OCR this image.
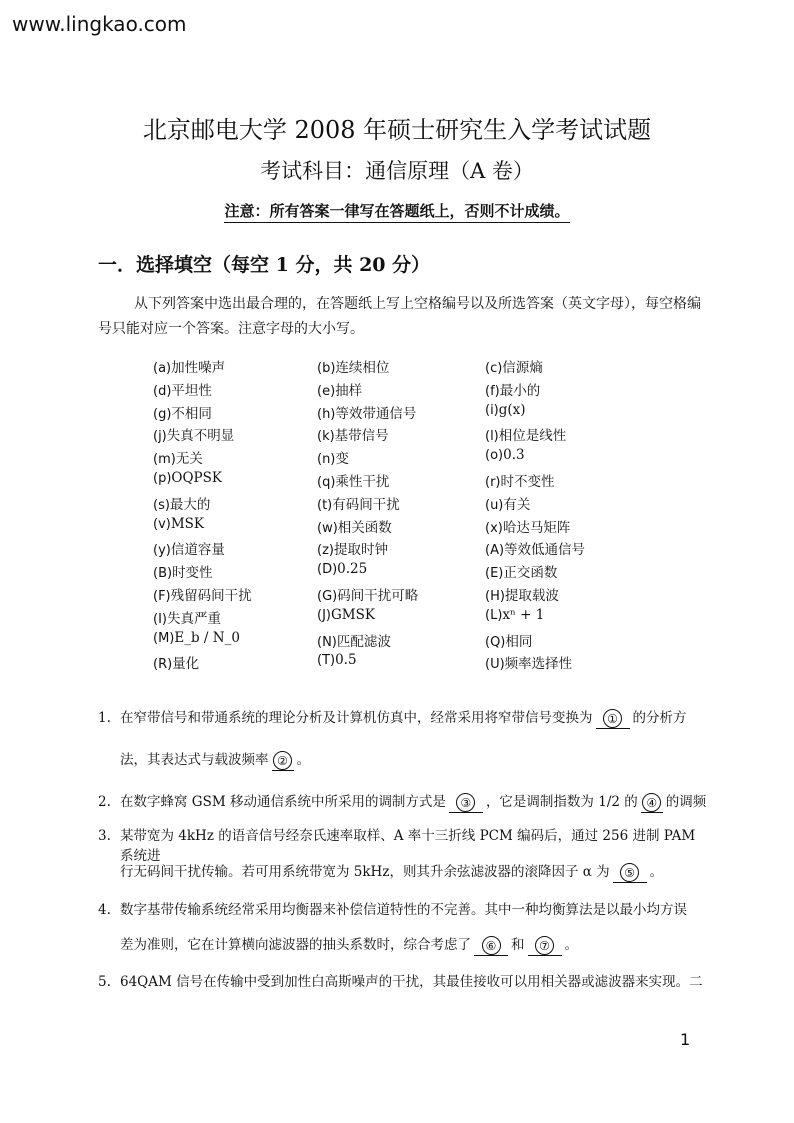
www.lingkao.com
北京邮电大学 2008 年硕士研究生入学考试试题
考试科目：通信原理（A 卷）
注意：所有答案一律写在答题纸上，否则不计成绩。
一．选择填空（每空 1 分，共 20 分）
从下列答案中选出最合理的，在答题纸上写上空格编号以及所选答案（英文字母），每空格编号只能对应一个答案。注意字母的大小写。
(a)加性噪声	(b)连续相位	(c)信源熵
(d)平坦性	(e)抽样	(f)最小的
(g)不相同	(h)等效带通信号	(i)g(x)
(j)失真不明显	(k)基带信号	(l)相位是线性
(m)无关	(n)变	(o)0.3
(p)OQPSK	(q)乘性干扰	(r)时不变性
(s)最大的	(t)有码间干扰	(u)有关
(v)MSK	(w)相关函数	(x)哈达马矩阵
(y)信道容量	(z)提取时钟	(A)等效低通信号
(B)时变性	(D)0.25	(E)正交函数
(F)残留码间干扰	(G)码间干扰可略	(H)提取载波
(I)失真严重	(J)GMSK	(L)xⁿ + 1
(M)E_b / N_0	(N)匹配滤波	(Q)相同
(R)量化	(T)0.5	(U)频率选择性
1. 在窄带信号和带通系统的理论分析及计算机仿真中，经常采用将窄带信号变换为 ① 的分析方
法，其表达式与载波频率 ② 。
2. 在数字蜂窝 GSM 移动通信系统中所采用的调制方式是 ③ ，它是调制指数为 1/2 的 ④ 的调频
3. 某带宽为 4kHz 的语音信号经奈氏速率取样、A 率十三折线 PCM 编码后，通过 256 进制 PAM 系统进
行无码间干扰传输。若可用系统带宽为 5kHz，则其升余弦滤波器的滚降因子 α 为 ⑤ 。
4. 数字基带传输系统经常采用均衡器来补偿信道特性的不完善。其中一种均衡算法是以最小均方误
差为准则，它在计算横向滤波器的抽头系数时，综合考虑了 ⑥ 和 ⑦ 。
5. 64QAM 信号在传输中受到加性白高斯噪声的干扰，其最佳接收可以用相关器或滤波器来实现。二
1
